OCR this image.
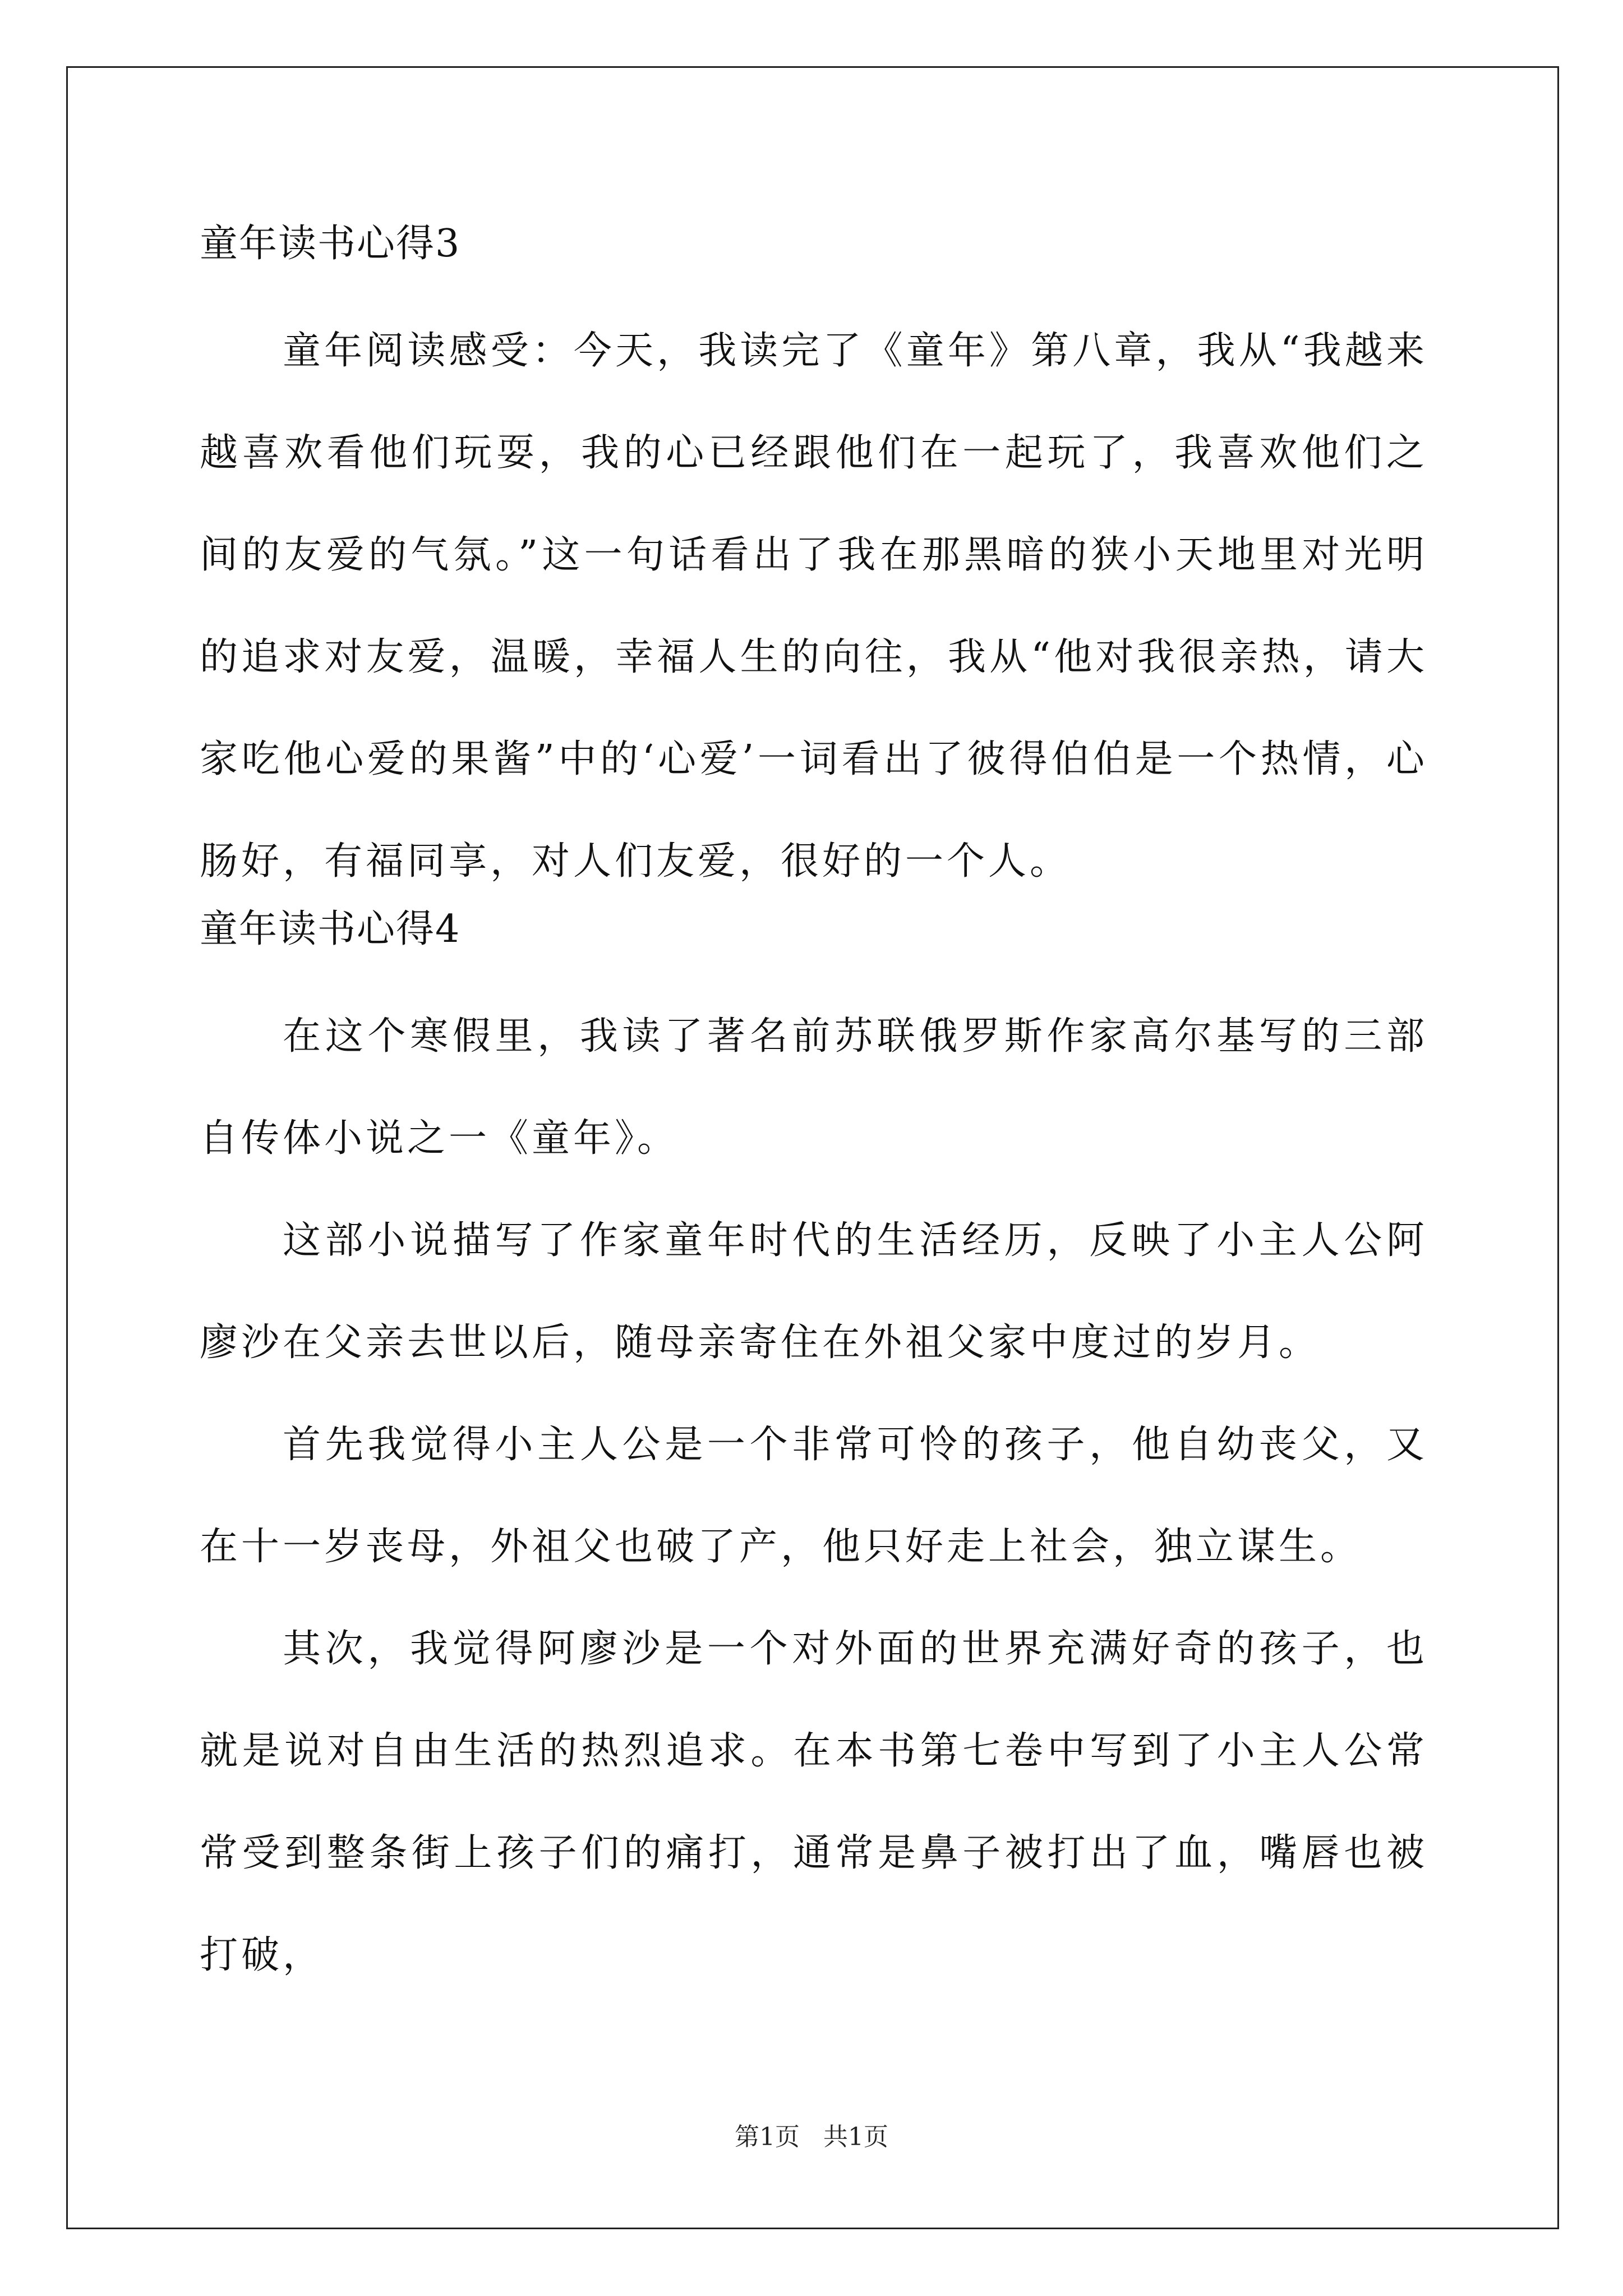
童年读书心得3

童年阅读感受：今天，我读完了《童年》第八章，我从“我越来越喜欢看他们玩耍，我的心已经跟他们在一起玩了，我喜欢他们之间的友爱的气氛。”这一句话看出了我在那黑暗的狭小天地里对光明的追求对友爱，温暖，幸福人生的向往，我从“他对我很亲热，请大家吃他心爱的果酱”中的‘心爱’一词看出了彼得伯伯是一个热情，心肠好，有福同享，对人们友爱，很好的一个人。

童年读书心得4

在这个寒假里，我读了著名前苏联俄罗斯作家高尔基写的三部自传体小说之一《童年》。

这部小说描写了作家童年时代的生活经历，反映了小主人公阿廖沙在父亲去世以后，随母亲寄住在外祖父家中度过的岁月。

首先我觉得小主人公是一个非常可怜的孩子，他自幼丧父，又在十一岁丧母，外祖父也破了产，他只好走上社会，独立谋生。

其次，我觉得阿廖沙是一个对外面的世界充满好奇的孩子，也就是说对自由生活的热烈追求。在本书第七卷中写到了小主人公常常受到整条街上孩子们的痛打，通常是鼻子被打出了血，嘴唇也被打破，

第1页   共1页
